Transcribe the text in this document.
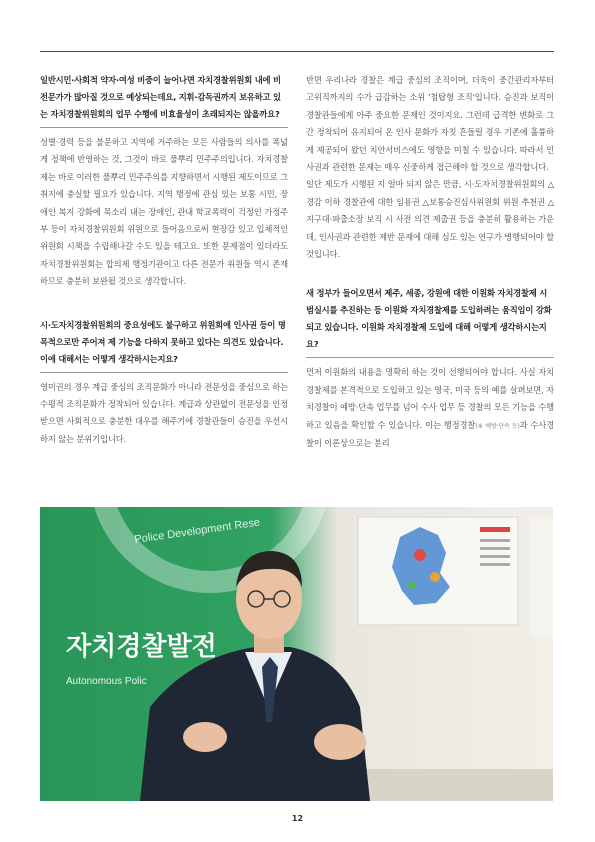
일반시민·사회적 약자·여성 비중이 늘어나면 자치경찰위원회 내에 비전문가가 많아질 것으로 예상되는데요, 지휘·감독권까지 보유하고 있는 자치경찰위원회의 업무 수행에 비효율성이 초래되지는 않을까요?

성별·경력 등을 불문하고 지역에 거주하는 모든 사람들의 의사를 폭넓게 정책에 반영하는 것, 그것이 바로 풀뿌리 민주주의입니다. 자치경찰제는 바로 이러한 풀뿌리 민주주의를 지향하면서 시행된 제도이므로 그 취지에 충실할 필요가 있습니다. 지역 행정에 관심 있는 보통 시민, 장애인 복지 강화에 목소리 내는 장애인, 관내 학교폭력이 걱정인 가정주부 등이 자치경찰위원회 위원으로 들어옴으로써 현장감 있고 입체적인 위원회 시책을 수립해나갈 수도 있을 테고요. 또한 문제점이 있더라도 자치경찰위원회는 합의제 행정기관이고 다른 전문가 위원들 역시 존재하므로 충분히 보완될 것으로 생각합니다.

시·도자치경찰위원회의 중요성에도 불구하고 위원회에 인사권 등이 명목적으로만 주어져 제 기능을 다하지 못하고 있다는 의견도 있습니다. 이에 대해서는 어떻게 생각하시는지요?

영미권의 경우 계급 중심의 조직문화가 아니라 전문성을 중심으로 하는 수평적 조직문화가 정착되어 있습니다. 계급과 상관없이 전문성을 인정받으면 사회적으로 충분한 대우를 해주기에 경찰관들이 승진을 우선시하지 않는 분위기입니다.

반면 우리나라 경찰은 계급 중심의 조직이며, 더욱이 중간관리자부터 고위직까지의 수가 급감하는 소위 '첨탑형 조직'입니다. 승진과 보직이 경찰관들에게 아주 중요한 문제인 것이지요. 그런데 급격한 변화로 그간 정착되어 유지되어 온 인사 문화가 자칫 흔들릴 경우 기존에 훌륭하게 제공되어 왔던 치안서비스에도 영향을 미칠 수 있습니다. 따라서 인사권과 관련한 문제는 매우 신중하게 접근해야 할 것으로 생각합니다.

일단 제도가 시행된 지 얼마 되지 않은 만큼, 시·도자치경찰위원회의 △경감 이하 경찰관에 대한 임용권 △보통승진심사위원회 위원 추천권 △지구대·파출소장 보직 시 사전 의견 제출권 등을 충분히 활용하는 가운데, 인사권과 관련한 제반 문제에 대해 심도 있는 연구가 병행되어야 할 것입니다.

새 정부가 들어오면서 제주, 세종, 강원에 대한 이원화 자치경찰제 시범실시를 추진하는 등 이원화 자치경찰제를 도입하려는 움직임이 강화되고 있습니다. 이원화 자치경찰제 도입에 대해 어떻게 생각하시는지요?

먼저 이원화의 내용을 명확히 하는 것이 선행되어야 합니다. 사실 자치경찰제를 본격적으로 도입하고 있는 영국, 미국 등의 예를 살펴보면, 자치경찰이 예방·단속 업무를 넘어 수사 업무 등 경찰의 모든 기능을 수행하고 있음을 확인할 수 있습니다. 이는 행정경찰(※ 예방·단속 등)과 수사경찰이 이론상으로는 분리

Police Development Rese
자치경찰발전
Autonomous Polic
12
